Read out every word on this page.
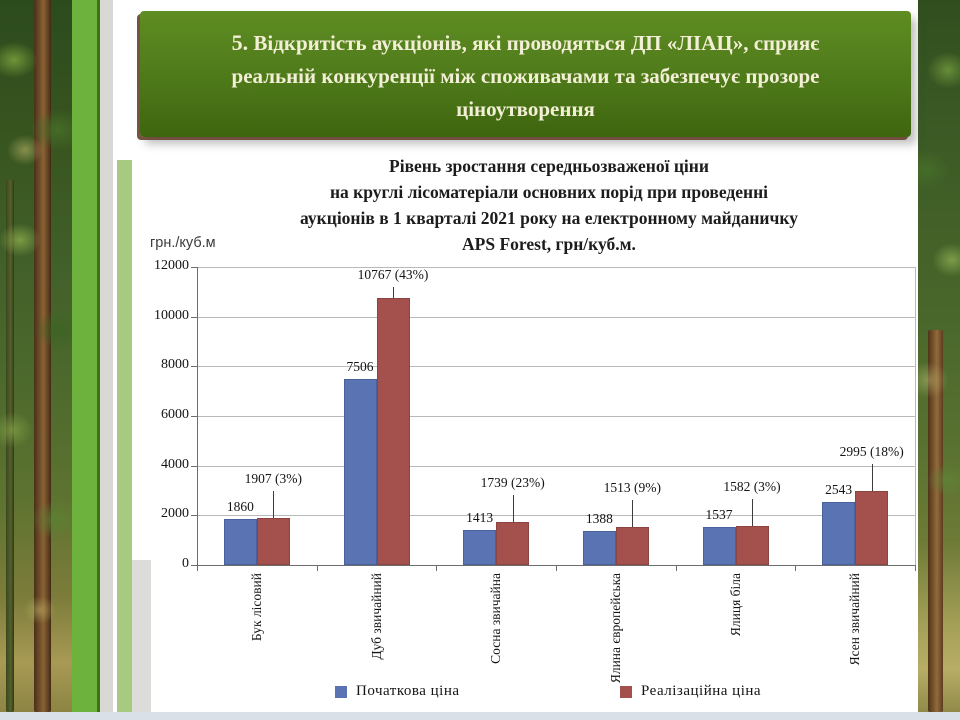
5. Відкритість аукціонів, які проводяться ДП «ЛІАЦ», сприяє
реальній конкуренції між споживачами та забезпечує прозоре
ціноутворення
Рівень зростання середньозваженої ціни
на круглі лісоматеріали основних порід при проведенні
аукціонів в 1 кварталі 2021 року на електронному майданичку
APS Forest, грн/куб.м.
грн./куб.м
0
2000
4000
6000
8000
10000
12000
1860
1907 (3%)
Бук лісовий
7506
10767 (43%)
Дуб звичайний
1413
1739 (23%)
Сосна звичайна
1388
1513 (9%)
Ялина європейська
1537
1582 (3%)
Ялиця біла
2543
2995 (18%)
Ясен звичайний
Початкова ціна	Реалізаційна ціна
